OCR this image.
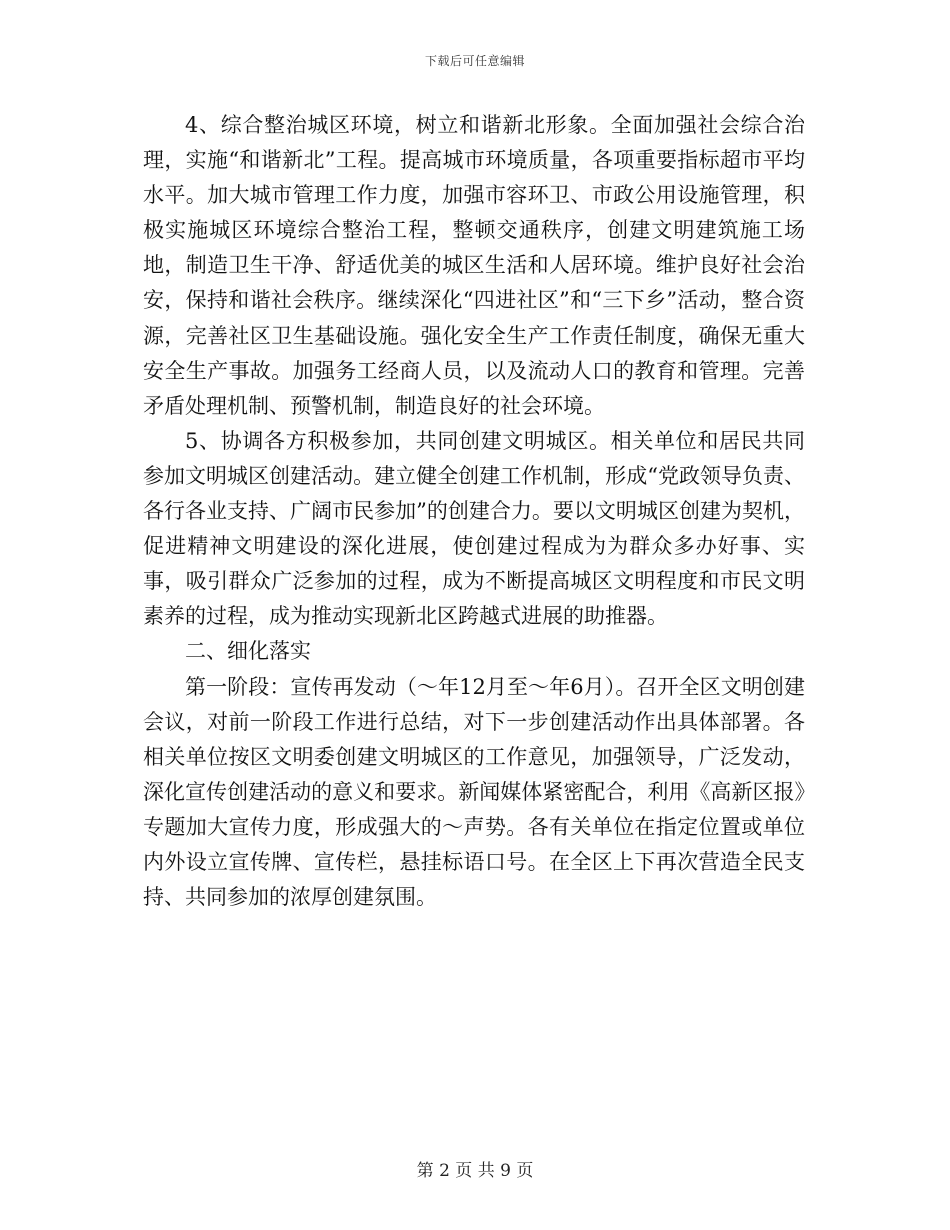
下载后可任意编辑

4、综合整治城区环境，树立和谐新北形象。全面加强社会综合治理，实施“和谐新北”工程。提高城市环境质量，各项重要指标超市平均水平。加大城市管理工作力度，加强市容环卫、市政公用设施管理，积极实施城区环境综合整治工程，整顿交通秩序，创建文明建筑施工场地，制造卫生干净、舒适优美的城区生活和人居环境。维护良好社会治安，保持和谐社会秩序。继续深化“四进社区”和“三下乡”活动，整合资源，完善社区卫生基础设施。强化安全生产工作责任制度，确保无重大安全生产事故。加强务工经商人员，以及流动人口的教育和管理。完善矛盾处理机制、预警机制，制造良好的社会环境。

5、协调各方积极参加，共同创建文明城区。相关单位和居民共同参加文明城区创建活动。建立健全创建工作机制，形成“党政领导负责、各行各业支持、广阔市民参加”的创建合力。要以文明城区创建为契机，促进精神文明建设的深化进展，使创建过程成为为群众多办好事、实事，吸引群众广泛参加的过程，成为不断提高城区文明程度和市民文明素养的过程，成为推动实现新北区跨越式进展的助推器。

二、细化落实

第一阶段：宣传再发动（～年12月至～年6月）。召开全区文明创建会议，对前一阶段工作进行总结，对下一步创建活动作出具体部署。各相关单位按区文明委创建文明城区的工作意见，加强领导，广泛发动，深化宣传创建活动的意义和要求。新闻媒体紧密配合，利用《高新区报》专题加大宣传力度，形成强大的～声势。各有关单位在指定位置或单位内外设立宣传牌、宣传栏，悬挂标语口号。在全区上下再次营造全民支持、共同参加的浓厚创建氛围。

第 2 页 共 9 页
